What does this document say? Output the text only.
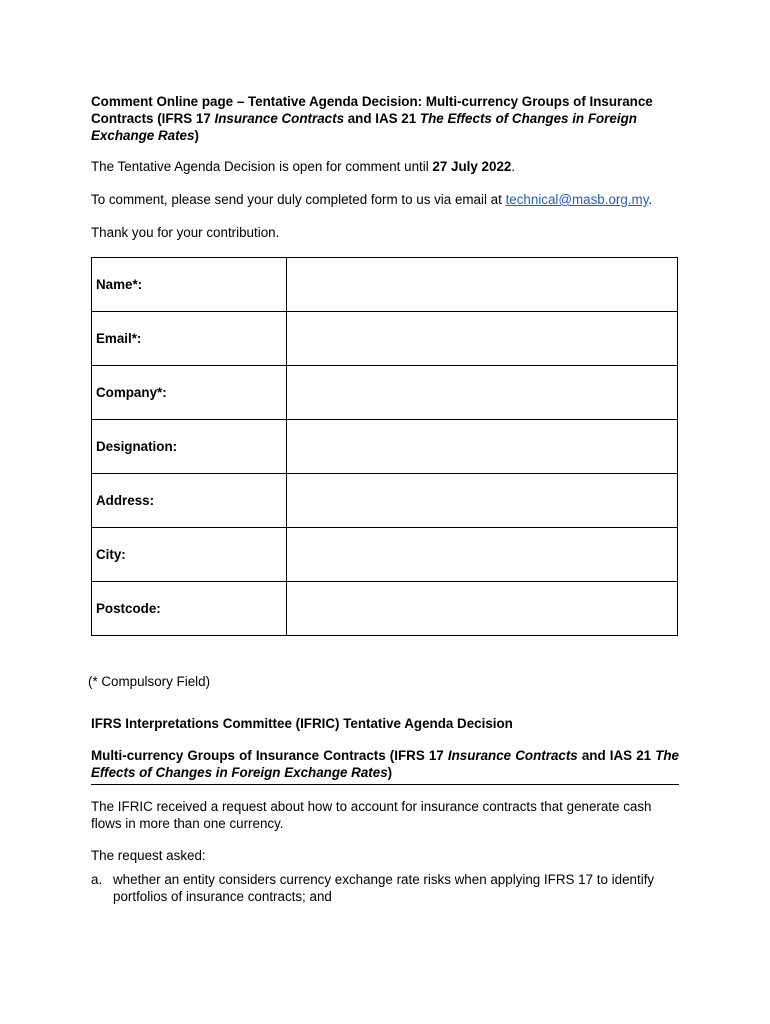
Comment Online page – Tentative Agenda Decision: Multi-currency Groups of Insurance
Contracts (IFRS 17 Insurance Contracts and IAS 21 The Effects of Changes in Foreign
Exchange Rates)
The Tentative Agenda Decision is open for comment until 27 July 2022.
To comment, please send your duly completed form to us via email at technical@masb.org.my.
Thank you for your contribution.
Name*:	
Email*:	
Company*:	
Designation:	
Address:	
City:	
Postcode:	
(* Compulsory Field)
IFRS Interpretations Committee (IFRIC) Tentative Agenda Decision
Multi-currency Groups of Insurance Contracts (IFRS 17 Insurance Contracts and IAS 21 The Effects of Changes in Foreign Exchange Rates)
The IFRIC received a request about how to account for insurance contracts that generate cash flows in more than one currency.
The request asked:
a. whether an entity considers currency exchange rate risks when applying IFRS 17 to identify portfolios of insurance contracts; and
